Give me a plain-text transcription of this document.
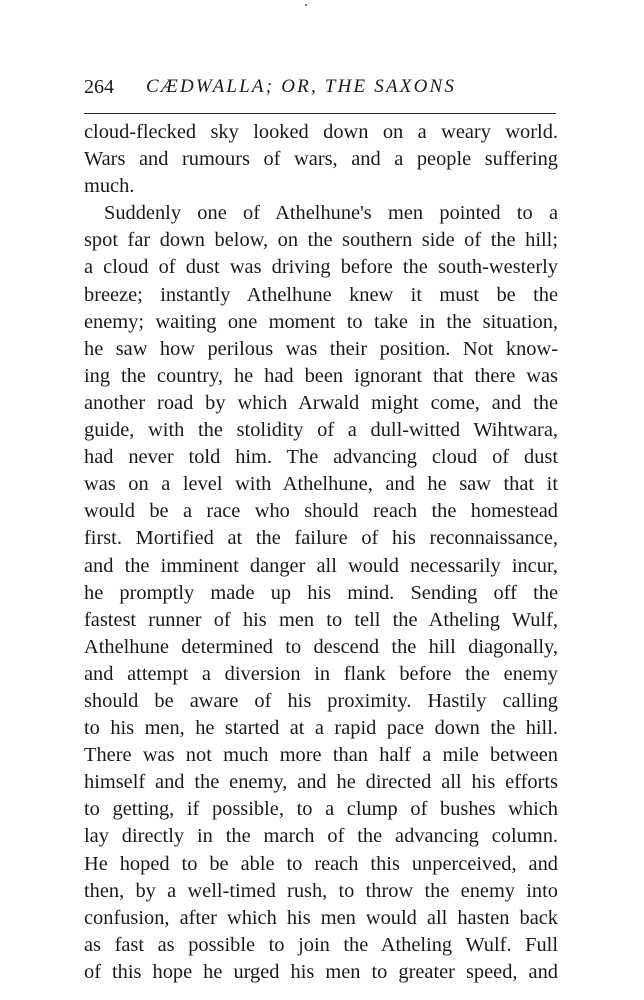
264 CÆDWALLA; OR, THE SAXONS
cloud-flecked sky looked down on a weary world.
Wars and rumours of wars, and a people suffering
much.
Suddenly one of Athelhune's men pointed to a
spot far down below, on the southern side of the hill;
a cloud of dust was driving before the south-westerly
breeze; instantly Athelhune knew it must be the
enemy; waiting one moment to take in the situation,
he saw how perilous was their position. Not know-
ing the country, he had been ignorant that there was
another road by which Arwald might come, and the
guide, with the stolidity of a dull-witted Wihtwara,
had never told him. The advancing cloud of dust
was on a level with Athelhune, and he saw that it
would be a race who should reach the homestead
first. Mortified at the failure of his reconnaissance,
and the imminent danger all would necessarily incur,
he promptly made up his mind. Sending off the
fastest runner of his men to tell the Atheling Wulf,
Athelhune determined to descend the hill diagonally,
and attempt a diversion in flank before the enemy
should be aware of his proximity. Hastily calling
to his men, he started at a rapid pace down the hill.
There was not much more than half a mile between
himself and the enemy, and he directed all his efforts
to getting, if possible, to a clump of bushes which
lay directly in the march of the advancing column.
He hoped to be able to reach this unperceived, and
then, by a well-timed rush, to throw the enemy into
confusion, after which his men would all hasten back
as fast as possible to join the Atheling Wulf. Full
of this hope he urged his men to greater speed, and
